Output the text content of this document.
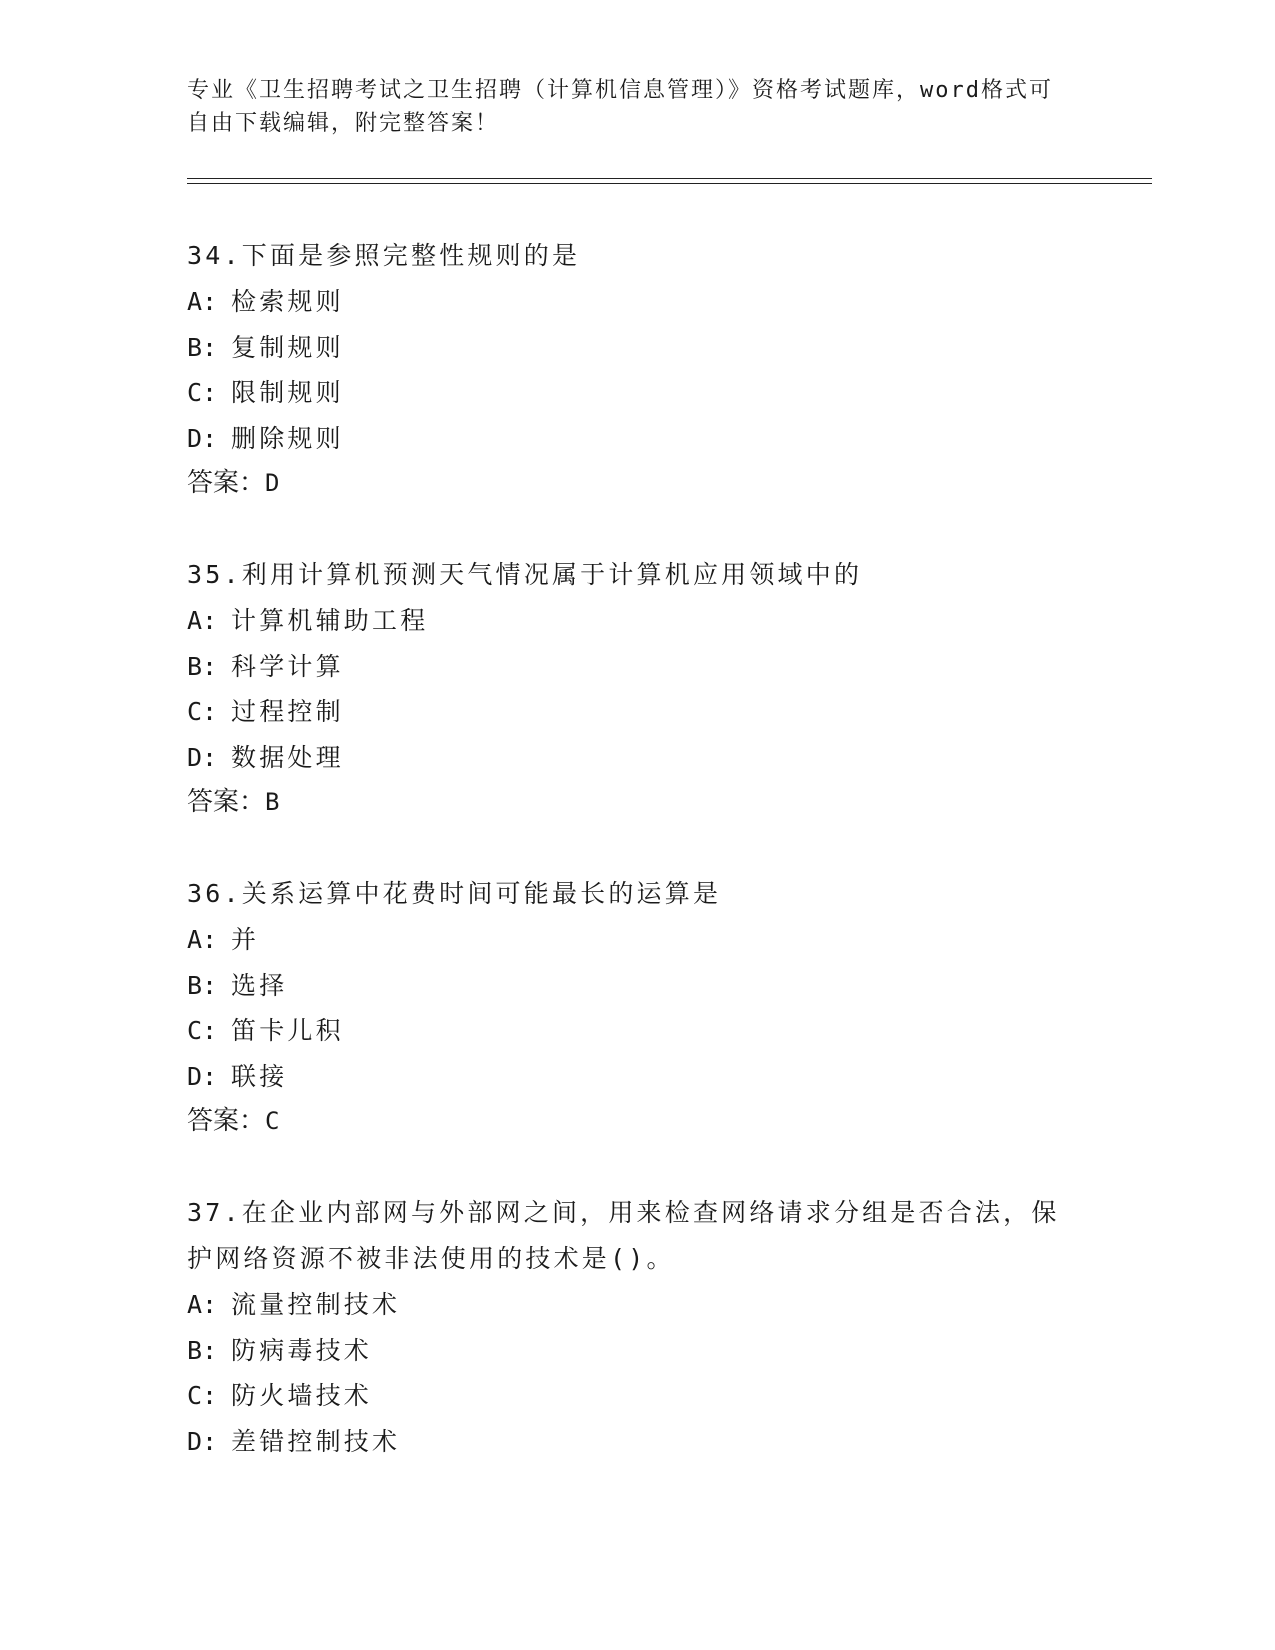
专业《卫生招聘考试之卫生招聘（计算机信息管理）》资格考试题库，word格式可自由下载编辑，附完整答案！

34.下面是参照完整性规则的是

A: 检索规则
B: 复制规则
C: 限制规则
D: 删除规则
答案：D

35.利用计算机预测天气情况属于计算机应用领域中的

A: 计算机辅助工程
B: 科学计算
C: 过程控制
D: 数据处理
答案：B

36.关系运算中花费时间可能最长的运算是

A: 并
B: 选择
C: 笛卡儿积
D: 联接
答案：C

37.在企业内部网与外部网之间，用来检查网络请求分组是否合法，保护网络资源不被非法使用的技术是()。

A: 流量控制技术
B: 防病毒技术
C: 防火墙技术
D: 差错控制技术
